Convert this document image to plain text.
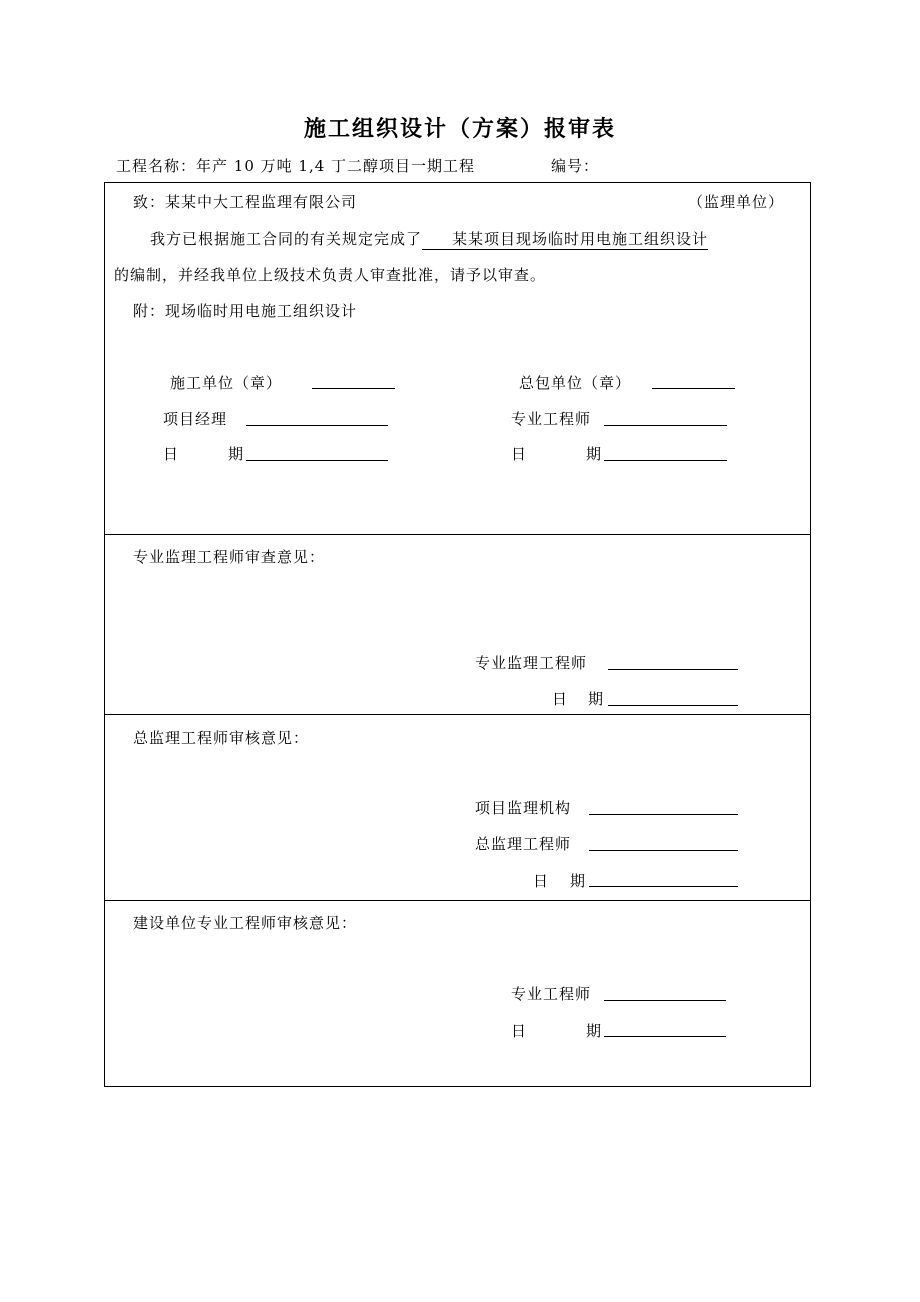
施工组织设计（方案）报审表
工程名称：年产 10 万吨 1,4 丁二醇项目一期工程	编号：
致：某某中大工程监理有限公司	（监理单位）
我方已根据施工合同的有关规定完成了 某某项目现场临时用电施工组织设计
的编制，并经我单位上级技术负责人审查批准，请予以审查。
附：现场临时用电施工组织设计
施工单位（章）	总包单位（章）
项目经理	专业工程师
日	期	日	期
专业监理工程师审查意见：
专业监理工程师
日 期
总监理工程师审核意见：
项目监理机构
总监理工程师
日 期
建设单位专业工程师审核意见：
专业工程师
日	期
